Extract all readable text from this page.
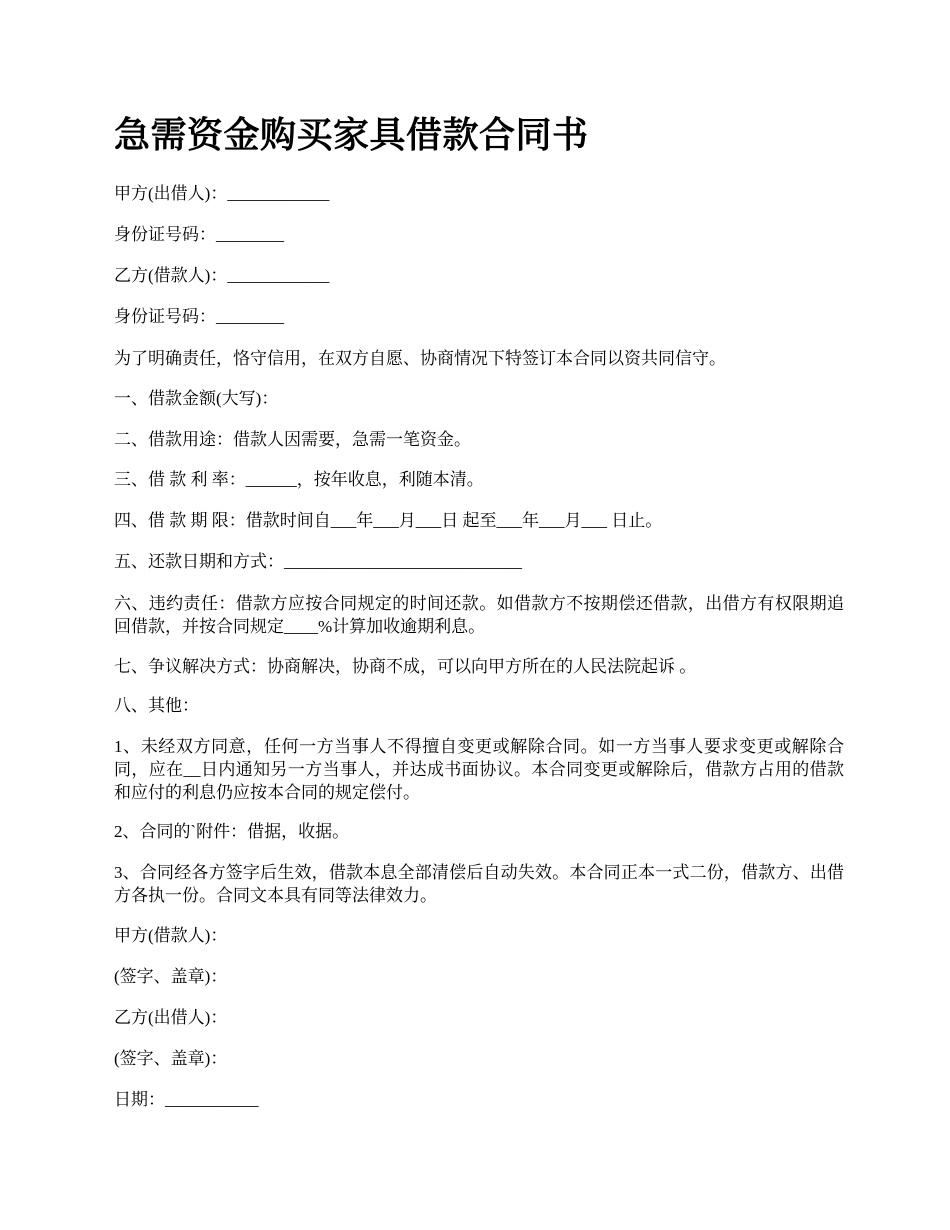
急需资金购买家具借款合同书

甲方(出借人)：____________

身份证号码：________

乙方(借款人)：____________

身份证号码：________

为了明确责任，恪守信用，在双方自愿、协商情况下特签订本合同以资共同信守。

一、借款金额(大写)：

二、借款用途：借款人因需要，急需一笔资金。

三、借 款 利 率：______，按年收息，利随本清。

四、借 款 期 限：借款时间自___年___月___日 起至___年___月___ 日止。

五、还款日期和方式：____________________________

六、违约责任：借款方应按合同规定的时间还款。如借款方不按期偿还借款，出借方有权限期追回借款，并按合同规定____%计算加收逾期利息。

七、争议解决方式：协商解决，协商不成，可以向甲方所在的人民法院起诉 。

八、其他：

1、未经双方同意，任何一方当事人不得擅自变更或解除合同。如一方当事人要求变更或解除合同，应在__日内通知另一方当事人，并达成书面协议。本合同变更或解除后，借款方占用的借款和应付的利息仍应按本合同的规定偿付。

2、合同的`附件：借据，收据。

3、合同经各方签字后生效，借款本息全部清偿后自动失效。本合同正本一式二份，借款方、出借方各执一份。合同文本具有同等法律效力。

甲方(借款人)：

(签字、盖章)：

乙方(出借人)：

(签字、盖章)：

日期：___________
